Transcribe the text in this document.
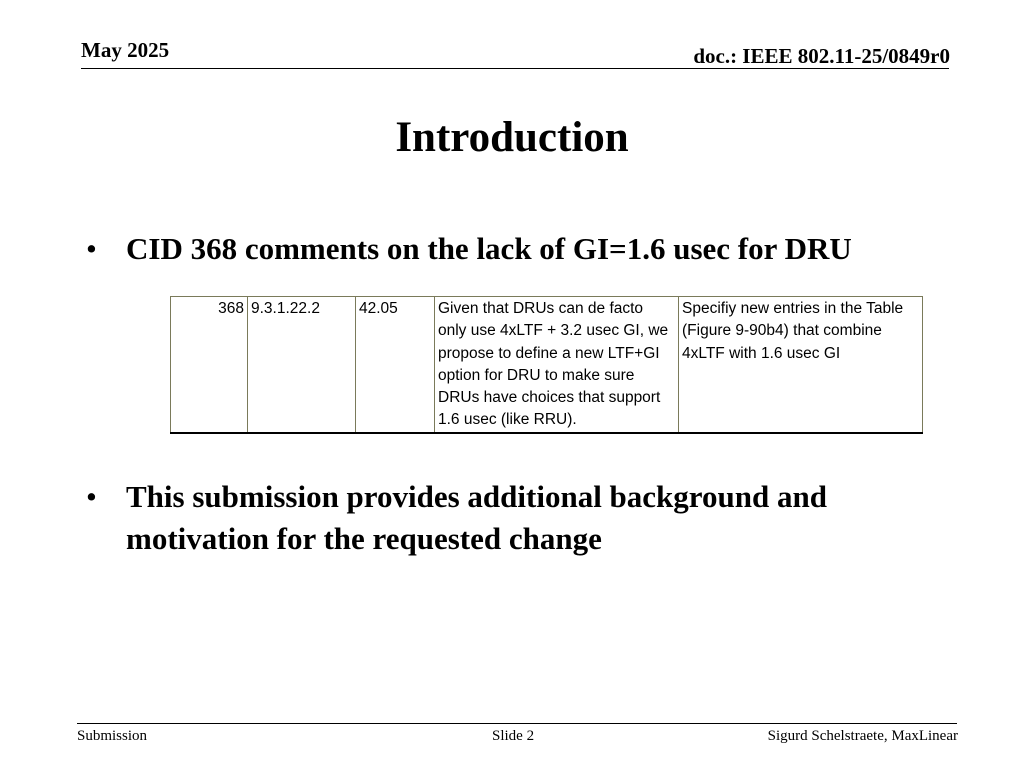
May 2025	doc.: IEEE 802.11-25/0849r0
Introduction
• CID 368 comments on the lack of GI=1.6 usec for DRU
368	9.3.1.22.2	42.05	Given that DRUs can de facto only use 4xLTF + 3.2 usec GI, we propose to define a new LTF+GI option for DRU to make sure DRUs have choices that support 1.6 usec (like RRU).	Specifiy new entries in the Table (Figure 9-90b4) that combine 4xLTF with 1.6 usec GI
• This submission provides additional background and motivation for the requested change
Submission	Slide 2	Sigurd Schelstraete, MaxLinear
